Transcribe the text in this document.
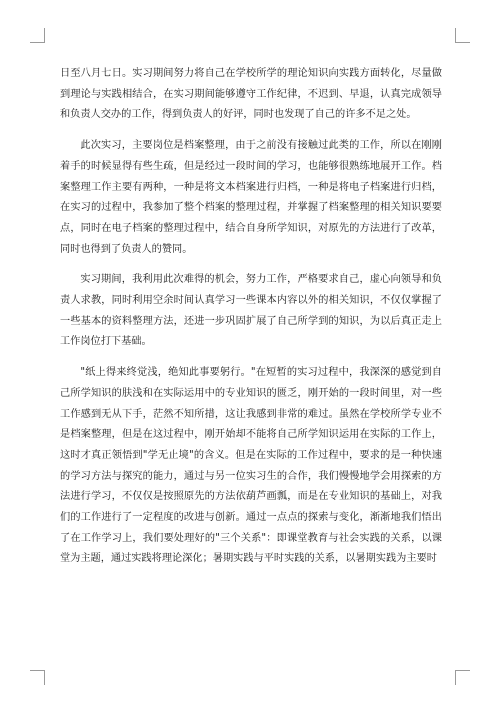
日至八月七日。实习期间努力将自己在学校所学的理论知识向实践方面转化，尽量做到理论与实践相结合，在实习期间能够遵守工作纪律，不迟到、早退，认真完成领导和负责人交办的工作，得到负责人的好评，同时也发现了自己的许多不足之处。

此次实习，主要岗位是档案整理，由于之前没有接触过此类的工作，所以在刚刚着手的时候显得有些生疏，但是经过一段时间的学习，也能够很熟练地展开工作。档案整理工作主要有两种，一种是将文本档案进行归档，一种是将电子档案进行归档，在实习的过程中，我参加了整个档案的整理过程，并掌握了档案整理的相关知识要要点，同时在电子档案的整理过程中，结合自身所学知识，对原先的方法进行了改革，同时也得到了负责人的赞同。

实习期间，我利用此次难得的机会，努力工作，严格要求自己，虚心向领导和负责人求教，同时利用空余时间认真学习一些课本内容以外的相关知识，不仅仅掌握了一些基本的资料整理方法，还进一步巩固扩展了自己所学到的知识，为以后真正走上工作岗位打下基础。

"纸上得来终觉浅，绝知此事要躬行。"在短暂的实习过程中，我深深的感觉到自己所学知识的肤浅和在实际运用中的专业知识的匮乏，刚开始的一段时间里，对一些工作感到无从下手，茫然不知所措，这让我感到非常的难过。虽然在学校所学专业不是档案整理，但是在这过程中，刚开始却不能将自己所学知识运用在实际的工作上，这时才真正领悟到"学无止境"的含义。但是在实际的工作过程中，要求的是一种快速的学习方法与探究的能力，通过与另一位实习生的合作，我们慢慢地学会用探索的方法进行学习，不仅仅是按照原先的方法依葫芦画瓢，而是在专业知识的基础上，对我们的工作进行了一定程度的改进与创新。通过一点点的探索与变化，渐渐地我们悟出了在工作学习上，我们要处理好的"三个关系"：即课堂教育与社会实践的关系，以课堂为主题，通过实践将理论深化；暑期实践与平时实践的关系，以暑期实践为主要时
